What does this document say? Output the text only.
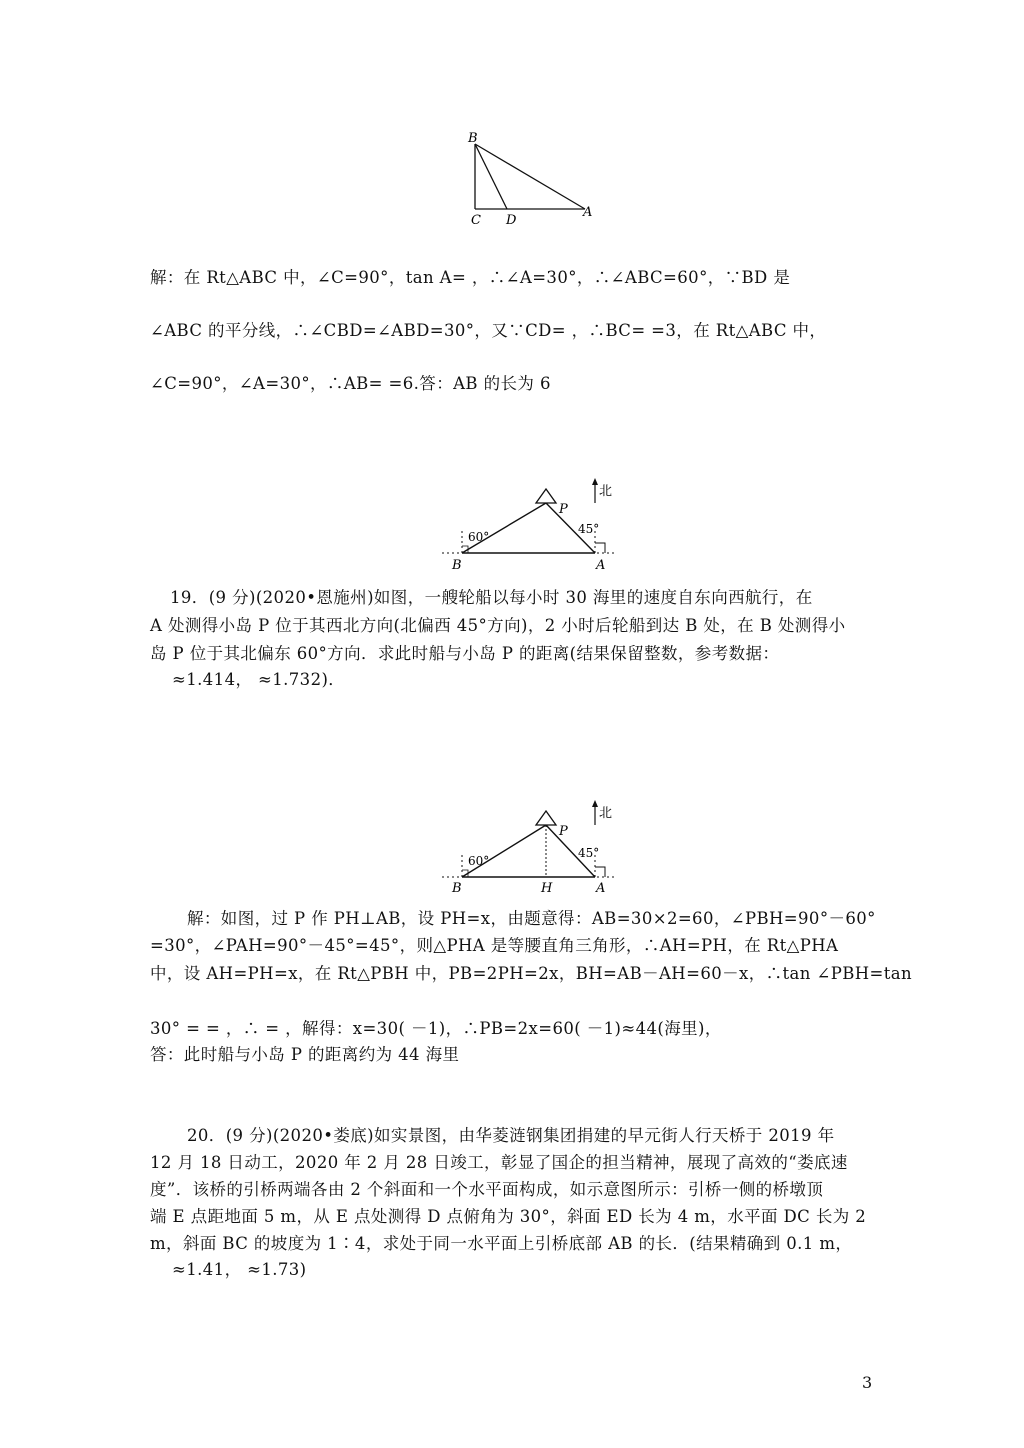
B
C D
A
解：在 Rt△ABC 中，∠C=90°，tan A= ，∴∠A=30°，∴∠ABC=60°，∵BD 是
∠ABC 的平分线，∴∠CBD=∠ABD=30°，又∵CD= ，∴BC= =3，在 Rt△ABC 中，
∠C=90°，∠A=30°，∴AB= =6.答：AB 的长为 6
北
P
60°
45°
B	A
19．(9 分)(2020•恩施州)如图，一艘轮船以每小时 30 海里的速度自东向西航行，在
A 处测得小岛 P 位于其西北方向(北偏西 45°方向)，2 小时后轮船到达 B 处，在 B 处测得小
岛 P 位于其北偏东 60°方向．求此时船与小岛 P 的距离(结果保留整数，参考数据：
≈1.414， ≈1.732)．
北
P
60°
45°
B	H	A
解：如图，过 P 作 PH⊥AB，设 PH=x，由题意得：AB=30×2=60，∠PBH=90°－60°
=30°，∠PAH=90°－45°=45°，则△PHA 是等腰直角三角形，∴AH=PH，在 Rt△PHA
中，设 AH=PH=x，在 Rt△PBH 中，PB=2PH=2x，BH=AB－AH=60－x，∴tan ∠PBH=tan
30° = = ，∴ = ，解得：x=30( －1)，∴PB=2x=60( －1)≈44(海里)，
答：此时船与小岛 P 的距离约为 44 海里
20．(9 分)(2020•娄底)如实景图，由华菱涟钢集团捐建的早元街人行天桥于 2019 年
12 月 18 日动工，2020 年 2 月 28 日竣工，彰显了国企的担当精神，展现了高效的“娄底速
度”．该桥的引桥两端各由 2 个斜面和一个水平面构成，如示意图所示：引桥一侧的桥墩顶
端 E 点距地面 5 m，从 E 点处测得 D 点俯角为 30°，斜面 ED 长为 4 m，水平面 DC 长为 2
m，斜面 BC 的坡度为 1∶4，求处于同一水平面上引桥底部 AB 的长．(结果精确到 0.1 m，
≈1.41， ≈1.73)
3
